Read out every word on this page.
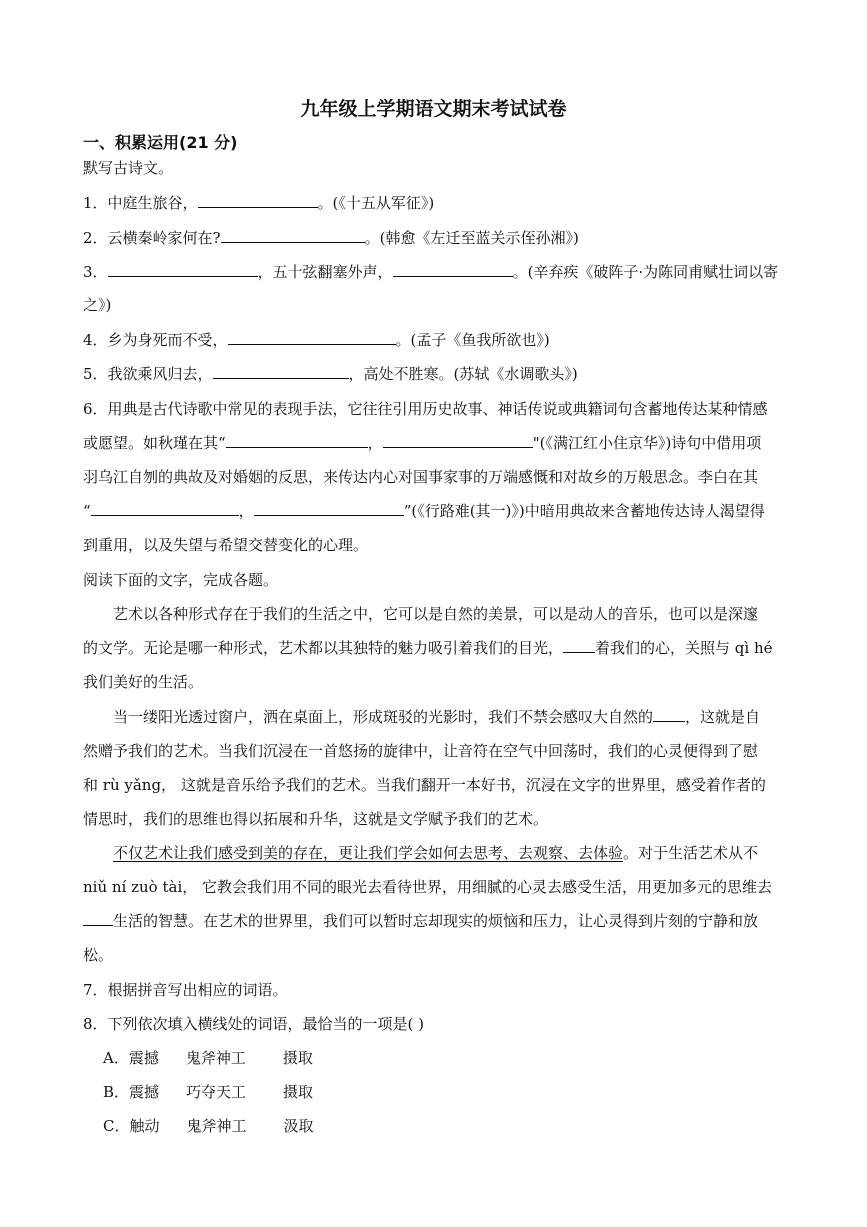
九年级上学期语文期末考试试卷
一、积累运用(21 分)
默写古诗文。
1．中庭生旅谷，	。(《十五从军征》)
2．云横秦岭家何在?	。(韩愈《左迁至蓝关示侄孙湘》)
3．	，五十弦翻塞外声，	。(辛弃疾《破阵子·为陈同甫赋壮词以寄
之》)
4．乡为身死而不受，	。(孟子《鱼我所欲也》)
5．我欲乘风归去，	，高处不胜寒。(苏轼《水调歌头》)
6．用典是古代诗歌中常见的表现手法，它往往引用历史故事、神话传说或典籍词句含蓄地传达某种情感
或愿望。如秋瑾在其“	，	"(《满江红小住京华》)诗句中借用项
羽乌江自刎的典故及对婚姻的反思，来传达内心对国事家事的万端感慨和对故乡的万般思念。李白在其
“	，	”(《行路难(其一)》)中暗用典故来含蓄地传达诗人渴望得
到重用，以及失望与希望交替变化的心理。
阅读下面的文字，完成各题。
艺术以各种形式存在于我们的生活之中，它可以是自然的美景，可以是动人的音乐，也可以是深邃
的文学。无论是哪一种形式，艺术都以其独特的魅力吸引着我们的目光， 着我们的心，关照与 qì hé
我们美好的生活。
当一缕阳光透过窗户，洒在桌面上，形成斑驳的光影时，我们不禁会感叹大自然的 ，这就是自
然赠予我们的艺术。当我们沉浸在一首悠扬的旋律中，让音符在空气中回荡时，我们的心灵便得到了慰
和 rù yǎng， 这就是音乐给予我们的艺术。当我们翻开一本好书，沉浸在文字的世界里，感受着作者的
情思时，我们的思维也得以拓展和升华，这就是文学赋予我们的艺术。
不仅艺术让我们感受到美的存在，更让我们学会如何去思考、去观察、去体验。对于生活艺术从不
niǔ ní zuò tài， 它教会我们用不同的眼光去看待世界，用细腻的心灵去感受生活，用更加多元的思维去
生活的智慧。在艺术的世界里，我们可以暂时忘却现实的烦恼和压力，让心灵得到片刻的宁静和放
松。
7．根据拼音写出相应的词语。
8．下列依次填入横线处的词语，最恰当的一项是( )
A．震撼 鬼斧神工 摄取
B．震撼 巧夺天工 摄取
C．触动 鬼斧神工 汲取
